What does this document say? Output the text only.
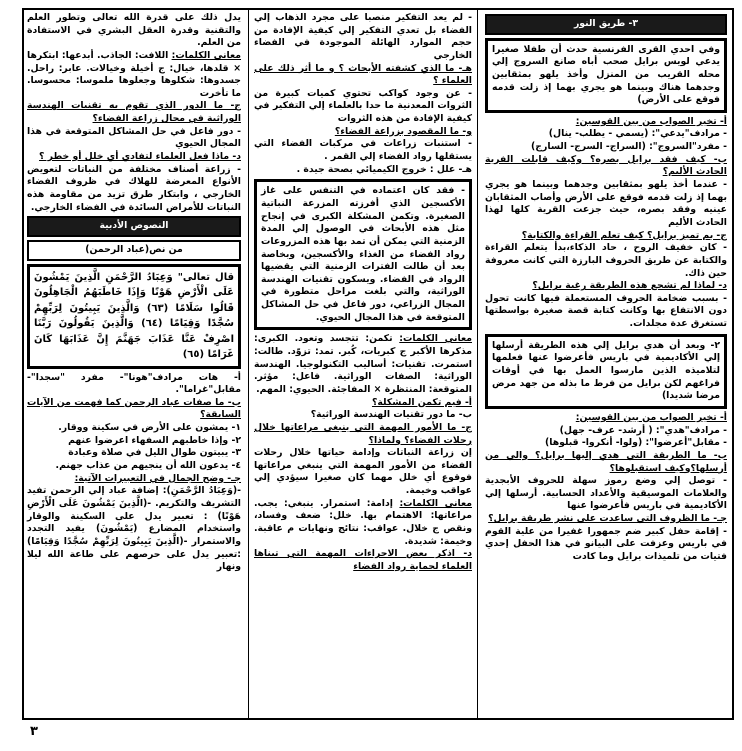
٣- طريق النور

وفي احدي القرى الفرنسية حدث أن طفلا صغيرا يدعي لويس برايل صحب أباه صانع السروج إلي محله القريب من المنزل وأخذ يلهو بمثقابين وجدهما هناك وبينما هو يجري بهما إذ زلت قدمه فوقع على الأرض)

أ- تخير الصواب من بين القوسين:

- مرادف"يدعي": (يسمي - يطلب- ينال)

- مفرد"السروج": (السراج- السرج- السارج)

ب- كيف فقد برايل بصره؟ وكيف قابلت الفرية الحادث الأليم؟

- عندما أخذ يلهو بمثقابين وجدهما وبينما هو يجري بهما إذ زلت قدمه فوقع على الأرض وأصاب المثقابان عينيه وفقد بصره، حيث جزعت القرية كلها لهذا الحادث الأليم

ج- بم تميز برايل؟ كيف تعلم القراءة والكتابة؟

- كان خفيف الروح ، حاد الذكاء،بدأ يتعلم القراءة والكتابة عن طريق الحروف البارزة التي كانت معروفة حين ذاك.

د- لماذا لم تشجع هذه الطريقة رغبة برايل؟

- بسبب ضخامة الحروف المستعملة فيها كانت تحول دون الانتفاع بها وكانت كتابة قصة صغيرة بواسطتها تستغرق عدة مجلدات.

٢- وبعد أن هدي برايل إلي هذه الطريقة أرسلها إلي الأكاديمية في باريس فأعرضوا عنها فعلمها لتلاميذه الذين مارسوا العمل بها في أوقات فراغهم لكن برايل من فرط ما بذله من جهد مرض مرضا شديدا)

أ- تخير الصواب من بين القوسين:

- مرادف"هدي": ( أرشد- عرف- جهل)

- مقابل"أعرضوا": (ولوا- أنكروا- قبلوها)

ب- ما الطريقة التي هدي إليها برايل؟ والي من أرسلها؟وكيف استقبلوها؟

- توصل إلي وضع رموز سهلة للحروف الأبجدية والعلامات الموسيقية والأعداد الحسابية. أرسلها إلي الأكاديمية في باريس فأعرضوا عنها

جـ- ما الظروف التي ساعدت علي نشر طريقة برايل؟

- إقامة حفل كبير ضم جمهورا غفيرا من علية القوم في باريس وعزفت على البيانو في هذا الحفل إحدي فتيات من تلميذات برايل وما كادت

- لم يعد التفكير منصبا على مجرد الذهاب إلي الفضاء بل تعدي التفكير إلي كيفية الإفادة من حجم الموارد الهائلة الموجودة في الفضاء الخارجي

هـ- ما الذي كشفته الأبحاث ؟ و ما أثر ذلك على العلماء ؟

- عن وجود كواكب تحتوي كميات كبيرة من الثروات المعدنية ما حدا بالعلماء إلي التفكير في كيفية الإفادة من هذه الثروات

و- ما المقصود بزراعة الفضاء؟

- استنبات زراعات في مركبات الفضاء التي يستقلها رواد الفضاء إلي القمر .

هـ- علل : خروج الكيميائي بصحة جيدة .

- فقد كان اعتماده في التنفس على غاز الأكسجين الذي أفرزته المزرعة النباتية الصغيرة. وتكمن المشكلة الكبرى في إنجاح مثل هذه الأبحاث في الوصول إلي المدة الزمنية التي يمكن أن تمد بها هذه المزروعات رواد الفضاء من الغذاء والأكسجين، وبخاصة بعد أن طالت الفترات الزمنية التي يقضيها الرواد في الفضاء. ويسكون تقنيات الهندسة الوراثية، والتي بلغت مراحل متطورة في المجال الزراعي، دور فاعل في حل المشاكل المتوقعة في هذا المجال الحيوي.

معاني الكلمات: تكمن: تتجسد وتعود. الكبرى: مذكرها الأكبر ج كبريات، كُبر. تمد: تزوّد. طالت: استمرت. تقنيات: أساليب التكنولوجيا. الهندسة الوراثية: الصفات الوراثية. فاعل: مؤثر. المتوقعة: المنتظرة × المفاجئة. الحيوي: المهم.

أ- فيم تكمن المشكلة؟

ب- ما دور تقنيات الهندسة الوراثية؟

ج- ما الأمور المهمة التي ينبغي مراعاتها خلال رحلات الفضاء؟ ولماذا؟

إن زراعة النباتات وإدامة حياتها خلال رحلات الفضاء من الأمور المهمة التي ينبغي مراعاتها فوقوع أي خلل مهما كان صغيرا سيؤدي إلي عواقب وخيمة.

معاني الكلمات: إدامة: استمرار. ينبغي: يجب. مراعاتها: الاهتمام بها. خلل: ضعف وفساد، ونقص ج خلال. عواقب: نتائج ونهايات م عاقبة. وخيمة: شديدة.

د- اذكر بعض الاجراءات المهمة التي تبناها العلماء لحماية رواد الفضاء

يدل ذلك على قدرة الله تعالى وتطور العلم والتقنية وقدرة العقل البشري في الاستفادة من العلم.

معاني الكلمات: اللافت: الجاذب. أبدعها: ابتكرها × قلدها، خيال: ج أخيلة وخيالات. عابر: راحل. جسدوها: شكلوها وجعلوها ملموسا: محسوسا. ما تأخرت

ج- ما الدور الذي تقوم به تقنيات الهندسة الوراثية في مجال زراعة الفضاء؟

- دور فاعل في حل المشاكل المتوقعة في هذا المجال الحيوي

د- ماذا فعل العلماء لتفادي أي خلل أو خطر ؟

- زراعة أصناف مختلفة من النباتات لتعويض الأنواع المعرضة للهلاك في ظروف الفضاء الخارجي ، وابتكار طرق تزيد من مقاومة هذه النباتات للأمراض السائدة في الفضاء الخارجي.

النصوص الأدبية
من نص(عباد الرحمن)

قال تعالى" وَعِبَادُ الرَّحْمَنِ الَّذِينَ يَمْشُونَ عَلَى الْأَرْضِ هَوْنًا وَإِذَا خَاطَبَهُمُ الْجَاهِلُونَ قَالُوا سَلَامًا (٦٣) وَالَّذِينَ يَبِيتُونَ لِرَبِّهِمْ سُجَّدًا وَقِيَامًا (٦٤) وَالَّذِينَ يَقُولُونَ رَبَّنَا اصْرِفْ عَنَّا عَذَابَ جَهَنَّمَ إِنَّ عَذَابَهَا كَانَ غَرَامًا (٦٥)

أ- هات مرادف"هونا"- مفرد "سجدا"- مقابل"غراما".

ب- ما صفات عباد الرحمن كما فهمت من الآيات السابقة؟

١- يمشون على الأرض في سكينة ووقار.

٢- وإذا خاطبهم السفهاء اعرضوا عنهم

٣- يبيتون طوال الليل في صلاة وعبادة

٤- يدعون الله أن ينجيهم من عذاب جهنم.

جـ- وضح الجمال في التعبيرات الآتية:

-(وَعِبَادُ الرَّحْمَنِ): إضافة عباد إلي الرحمن تفيد التشريف والتكريم. -(الَّذِينَ يَمْشُونَ عَلَى الْأَرْضِ هَوْنًا) : تعبير يدل على السكينة والوقار واستخدام المضارع (يَمْشُونَ) يفيد التجدد والاستمرار -(الَّذِينَ يَبِيتُونَ لِرَبِّهِمْ سُجَّدًا وَقِيَامًا) :تعبير يدل على حرصهم على طاعة الله ليلا ونهار

٣
